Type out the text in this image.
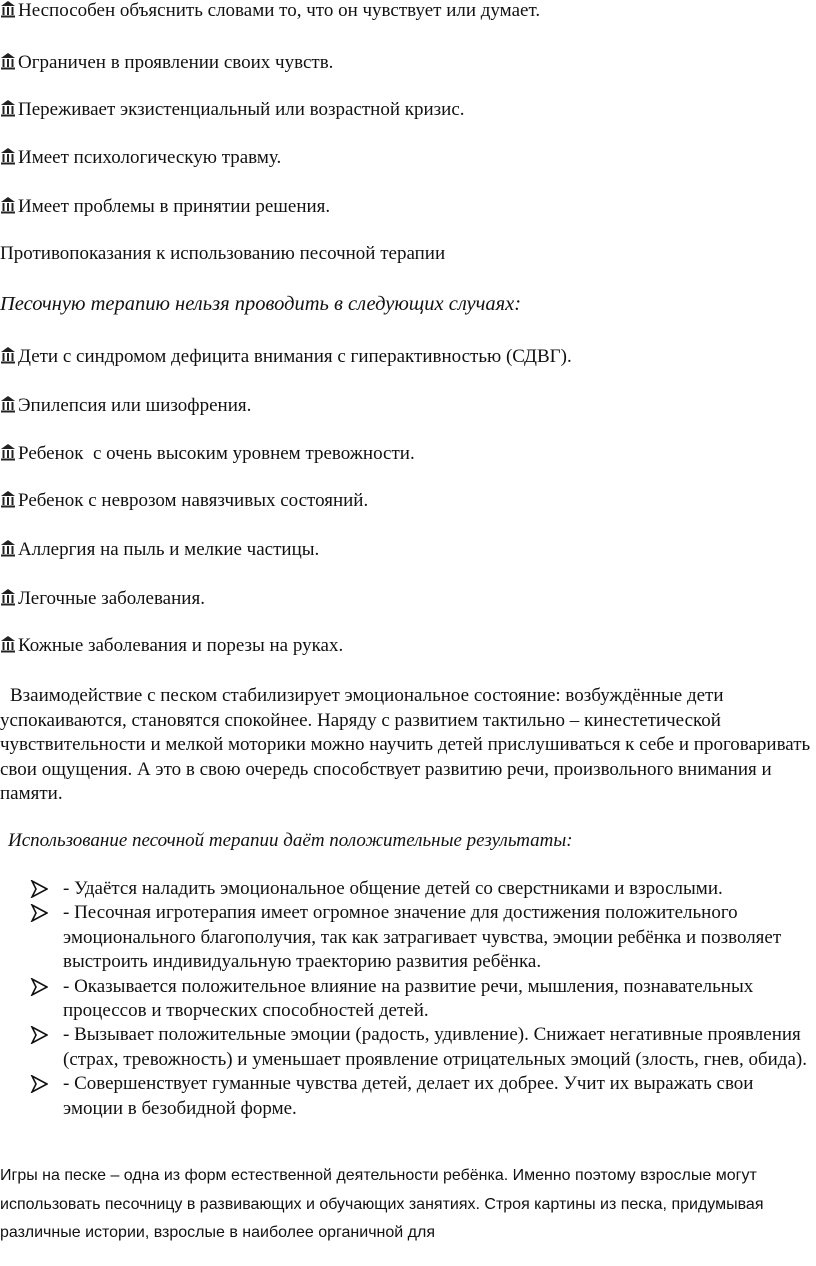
Неспособен объяснить словами то, что он чувствует или думает.
Ограничен в проявлении своих чувств.
Переживает экзистенциальный или возрастной кризис.
Имеет психологическую травму.
Имеет проблемы в принятии решения.
Противопоказания к использованию песочной терапии
Песочную терапию нельзя проводить в следующих случаях:
Дети с синдромом дефицита внимания с гиперактивностью (СДВГ).
Эпилепсия или шизофрения.
Ребенок  с очень высоким уровнем тревожности.
Ребенок с неврозом навязчивых состояний.
Аллергия на пыль и мелкие частицы.
Легочные заболевания.
Кожные заболевания и порезы на руках.
Взаимодействие с песком стабилизирует эмоциональное состояние: возбуждённые дети успокаиваются, становятся спокойнее. Наряду с развитием тактильно – кинестетической чувствительности и мелкой моторики можно научить детей прислушиваться к себе и проговаривать свои ощущения. А это в свою очередь способствует развитию речи, произвольного внимания и памяти.
Использование песочной терапии даёт положительные результаты:
- Удаётся наладить эмоциональное общение детей со сверстниками и взрослыми.
- Песочная игротерапия имеет огромное значение для достижения положительного эмоционального благополучия, так как затрагивает чувства, эмоции ребёнка и позволяет выстроить индивидуальную траекторию развития ребёнка.
- Оказывается положительное влияние на развитие речи, мышления, познавательных процессов и творческих способностей детей.
- Вызывает положительные эмоции (радость, удивление). Снижает негативные проявления (страх, тревожность) и уменьшает проявление отрицательных эмоций (злость, гнев, обида).
- Совершенствует гуманные чувства детей, делает их добрее. Учит их выражать свои эмоции в безобидной форме.
Игры на песке – одна из форм естественной деятельности ребёнка. Именно поэтому взрослые могут использовать песочницу в развивающих и обучающих занятиях. Строя картины из песка, придумывая различные истории, взрослые в наиболее органичной для
